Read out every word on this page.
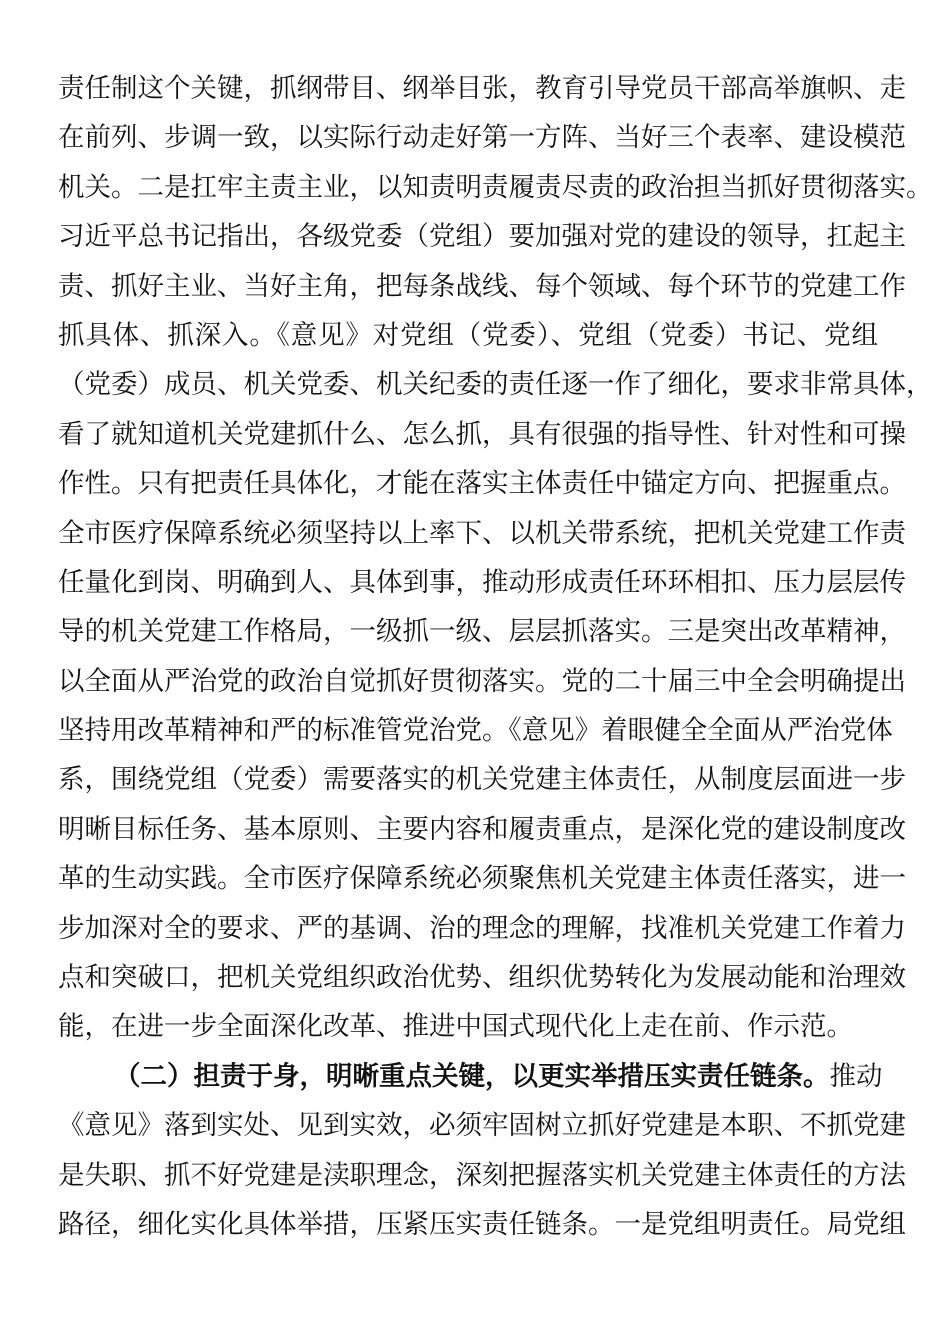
责任制这个关键，抓纲带目、纲举目张，教育引导党员干部高举旗帜、走
在前列、步调一致，以实际行动走好第一方阵、当好三个表率、建设模范
机关。二是扛牢主责主业，以知责明责履责尽责的政治担当抓好贯彻落实。
习近平总书记指出，各级党委（党组）要加强对党的建设的领导，扛起主
责、抓好主业、当好主角，把每条战线、每个领域、每个环节的党建工作
抓具体、抓深入。《意见》对党组（党委）、党组（党委）书记、党组
（党委）成员、机关党委、机关纪委的责任逐一作了细化，要求非常具体，
看了就知道机关党建抓什么、怎么抓，具有很强的指导性、针对性和可操
作性。只有把责任具体化，才能在落实主体责任中锚定方向、把握重点。
全市医疗保障系统必须坚持以上率下、以机关带系统，把机关党建工作责
任量化到岗、明确到人、具体到事，推动形成责任环环相扣、压力层层传
导的机关党建工作格局，一级抓一级、层层抓落实。三是突出改革精神，
以全面从严治党的政治自觉抓好贯彻落实。党的二十届三中全会明确提出
坚持用改革精神和严的标准管党治党。《意见》着眼健全全面从严治党体
系，围绕党组（党委）需要落实的机关党建主体责任，从制度层面进一步
明晰目标任务、基本原则、主要内容和履责重点，是深化党的建设制度改
革的生动实践。全市医疗保障系统必须聚焦机关党建主体责任落实，进一
步加深对全的要求、严的基调、治的理念的理解，找准机关党建工作着力
点和突破口，把机关党组织政治优势、组织优势转化为发展动能和治理效
能，在进一步全面深化改革、推进中国式现代化上走在前、作示范。
（二）担责于身，明晰重点关键，以更实举措压实责任链条。推动
《意见》落到实处、见到实效，必须牢固树立抓好党建是本职、不抓党建
是失职、抓不好党建是渎职理念，深刻把握落实机关党建主体责任的方法
路径，细化实化具体举措，压紧压实责任链条。一是党组明责任。局党组
